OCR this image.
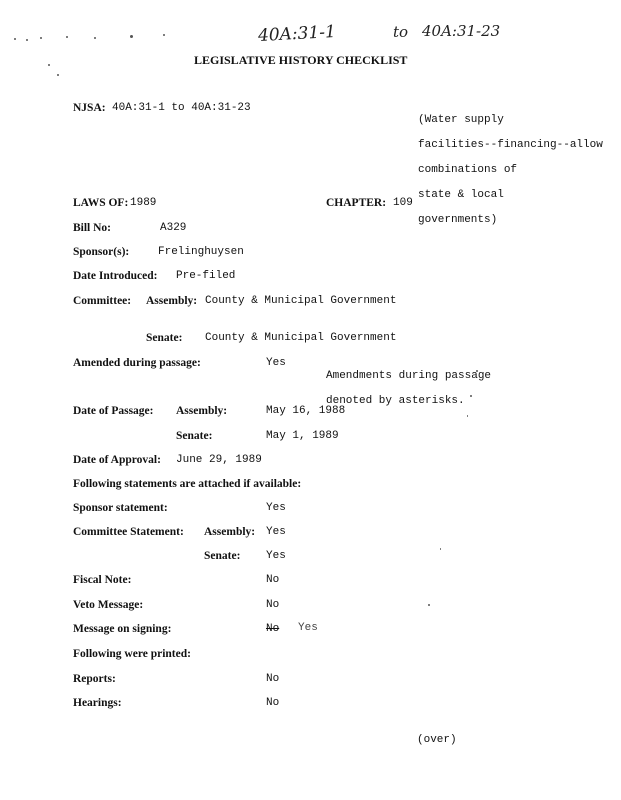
40A:31-1	to 40A:31-23
LEGISLATIVE HISTORY CHECKLIST
NJSA: 40A:31-1 to 40A:31-23

(Water supply

facilities--financing--allow

combinations of

state & local

governments)

LAWS OF: 1989	CHAPTER: 109
Bill No:	A329
Sponsor(s):	Frelinghuysen
Date Introduced: Pre-filed
Committee: Assembly: County & Municipal Government
Senate: County & Municipal Government
Amended during passage:	Yes

Amendments during passage

denoted by asterisks.

Date of Passage: Assembly:	May 16, 1988
Senate:	May 1, 1989
Date of Approval: June 29, 1989
Following statements are attached if available:
Sponsor statement:	Yes
Committee Statement: Assembly: Yes
Senate: Yes
Fiscal Note:	No
Veto Message:	No
Message on signing:	No Yes
Following were printed:
Reports:	No
Hearings:	No
(over)
